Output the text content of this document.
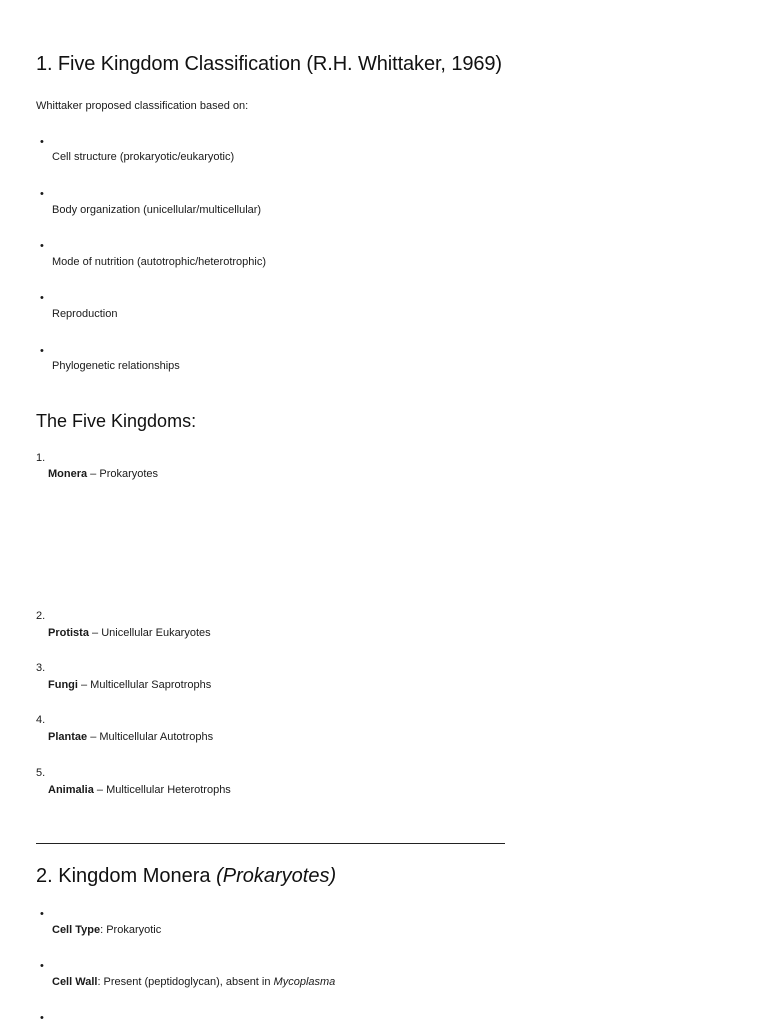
1. Five Kingdom Classification (R.H. Whittaker, 1969)
Whittaker proposed classification based on:
•
Cell structure (prokaryotic/eukaryotic)
•
Body organization (unicellular/multicellular)
•
Mode of nutrition (autotrophic/heterotrophic)
•
Reproduction
•
Phylogenetic relationships
The Five Kingdoms:
1.
Monera – Prokaryotes
2.
Protista – Unicellular Eukaryotes
3.
Fungi – Multicellular Saprotrophs
4.
Plantae – Multicellular Autotrophs
5.
Animalia – Multicellular Heterotrophs
2. Kingdom Monera (Prokaryotes)
•
Cell Type: Prokaryotic
•
Cell Wall: Present (peptidoglycan), absent in Mycoplasma
•
